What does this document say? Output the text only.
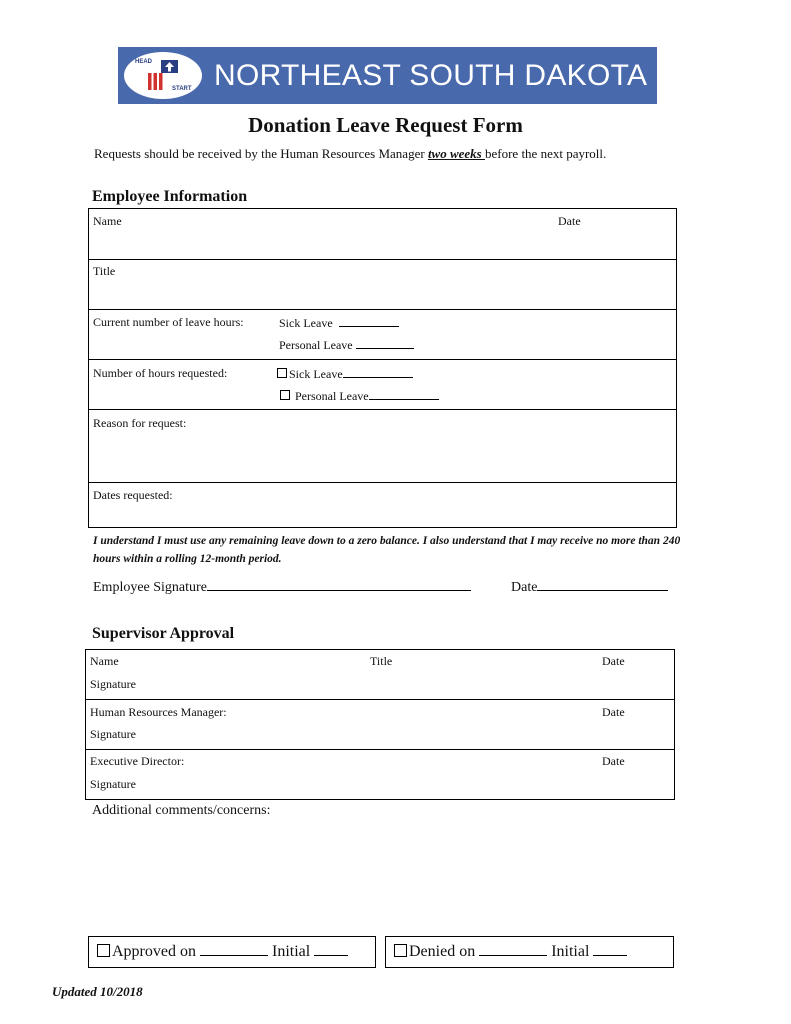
HEAD
START NORTHEAST SOUTH DAKOTA
Donation Leave Request Form
Requests should be received by the Human Resources Manager two weeks before the next payroll.
Employee Information
Name	Date
Title
Current number of leave hours:	Sick Leave
Personal Leave
Number of hours requested:	Sick Leave
Personal Leave
Reason for request:
Dates requested:
I understand I must use any remaining leave down to a zero balance. I also understand that I may receive no more than 240 hours within a rolling 12-month period.
Employee Signature	Date
Supervisor Approval
Name	Title	Date
Signature
Human Resources Manager:	Date
Signature
Executive Director:	Date
Signature
Additional comments/concerns:
Approved on	Initial	Denied on	Initial
Updated 10/2018
